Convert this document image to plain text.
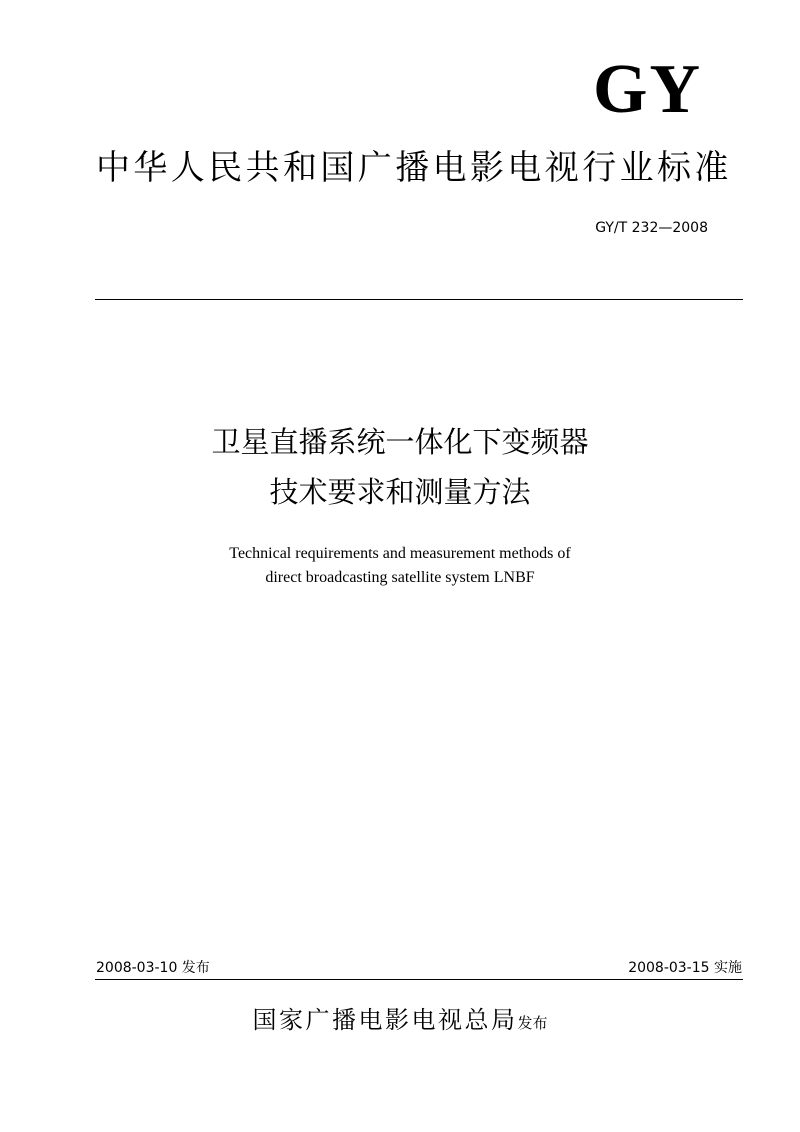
GY
中华人民共和国广播电影电视行业标准
GY/T 232—2008
卫星直播系统一体化下变频器
技术要求和测量方法
Technical requirements and measurement methods of
direct broadcasting satellite system LNBF
2008-03-10 发布	2008-03-15 实施
国家广播电影电视总局发布
